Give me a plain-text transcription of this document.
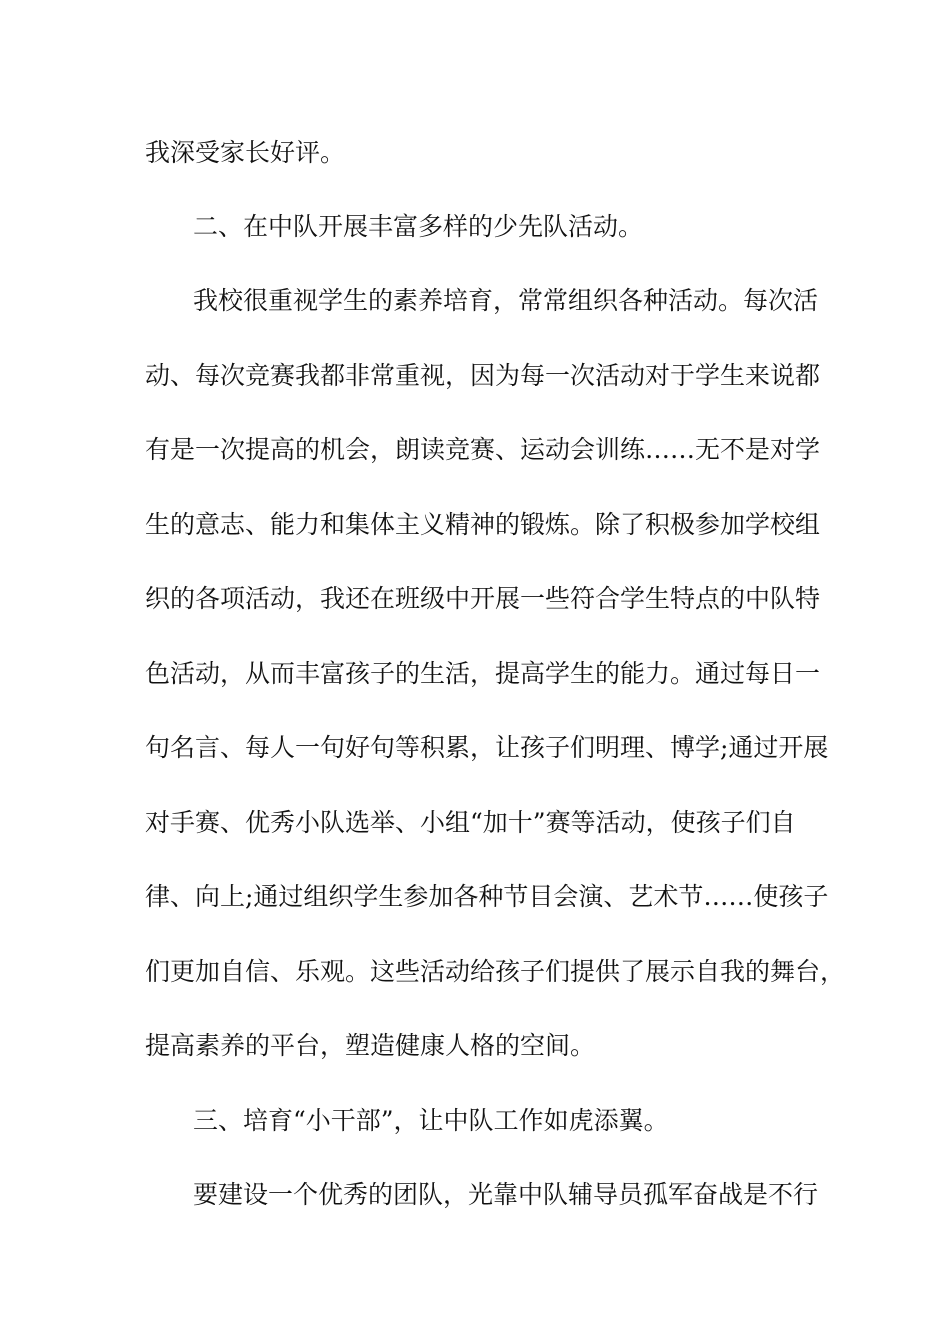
我深受家长好评。

二、在中队开展丰富多样的少先队活动。

我校很重视学生的素养培育，常常组织各种活动。每次活

动、每次竞赛我都非常重视，因为每一次活动对于学生来说都

有是一次提高的机会，朗读竞赛、运动会训练……无不是对学

生的意志、能力和集体主义精神的锻炼。除了积极参加学校组

织的各项活动，我还在班级中开展一些符合学生特点的中队特

色活动，从而丰富孩子的生活，提高学生的能力。通过每日一

句名言、每人一句好句等积累，让孩子们明理、博学;通过开展

对手赛、优秀小队选举、小组“加十”赛等活动，使孩子们自

律、向上;通过组织学生参加各种节目会演、艺术节……使孩子

们更加自信、乐观。这些活动给孩子们提供了展示自我的舞台，

提高素养的平台，塑造健康人格的空间。

三、培育“小干部”，让中队工作如虎添翼。

要建设一个优秀的团队，光靠中队辅导员孤军奋战是不行
